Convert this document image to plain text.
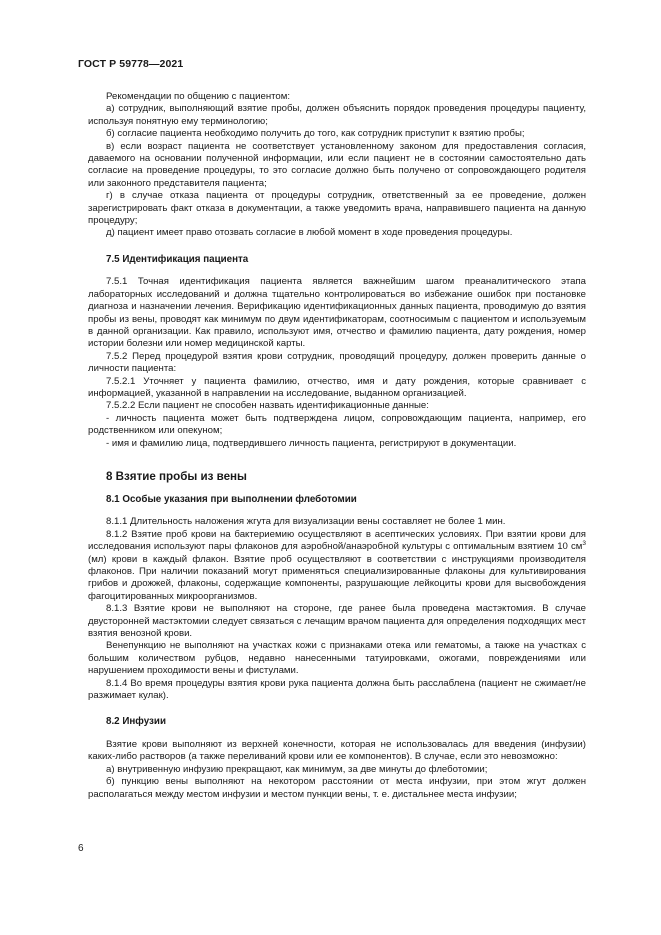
ГОСТ Р 59778—2021

Рекомендации по общению с пациентом:

а) сотрудник, выполняющий взятие пробы, должен объяснить порядок проведения процедуры пациенту, используя понятную ему терминологию;

б) согласие пациента необходимо получить до того, как сотрудник приступит к взятию пробы;

в) если возраст пациента не соответствует установленному законом для предоставления согласия, даваемого на основании полученной информации, или если пациент не в состоянии самостоятельно дать согласие на проведение процедуры, то это согласие должно быть получено от сопровождающего родителя или законного представителя пациента;

г) в случае отказа пациента от процедуры сотрудник, ответственный за ее проведение, должен зарегистрировать факт отказа в документации, а также уведомить врача, направившего пациента на данную процедуру;

д) пациент имеет право отозвать согласие в любой момент в ходе проведения процедуры.

7.5 Идентификация пациента

7.5.1 Точная идентификация пациента является важнейшим шагом преаналитического этапа лабораторных исследований и должна тщательно контролироваться во избежание ошибок при постановке диагноза и назначении лечения. Верификацию идентификационных данных пациента, проводимую до взятия пробы из вены, проводят как минимум по двум идентификаторам, соотносимым с пациентом и используемым в данной организации. Как правило, используют имя, отчество и фамилию пациента, дату рождения, номер истории болезни или номер медицинской карты.

7.5.2 Перед процедурой взятия крови сотрудник, проводящий процедуру, должен проверить данные о личности пациента:

7.5.2.1 Уточняет у пациента фамилию, отчество, имя и дату рождения, которые сравнивает с информацией, указанной в направлении на исследование, выданном организацией.

7.5.2.2 Если пациент не способен назвать идентификационные данные:

- личность пациента может быть подтверждена лицом, сопровождающим пациента, например, его родственником или опекуном;

- имя и фамилию лица, подтвердившего личность пациента, регистрируют в документации.

8 Взятие пробы из вены

8.1 Особые указания при выполнении флеботомии

8.1.1 Длительность наложения жгута для визуализации вены составляет не более 1 мин.

8.1.2 Взятие проб крови на бактериемию осуществляют в асептических условиях. При взятии крови для исследования используют пары флаконов для аэробной/анаэробной культуры с оптимальным взятием 10 $см^3$ (мл) крови в каждый флакон. Взятие проб осуществляют в соответствии с инструкциями производителя флаконов. При наличии показаний могут применяться специализированные флаконы для культивирования грибов и дрожжей, флаконы, содержащие компоненты, разрушающие лейкоциты крови для высвобождения фагоцитированных микроорганизмов.

8.1.3 Взятие крови не выполняют на стороне, где ранее была проведена мастэктомия. В случае двусторонней мастэктомии следует связаться с лечащим врачом пациента для определения подходящих мест взятия венозной крови.

Венепункцию не выполняют на участках кожи с признаками отека или гематомы, а также на участках с большим количеством рубцов, недавно нанесенными татуировками, ожогами, повреждениями или нарушением проходимости вены и фистулами.

8.1.4 Во время процедуры взятия крови рука пациента должна быть расслаблена (пациент не сжимает/не разжимает кулак).

8.2 Инфузии

Взятие крови выполняют из верхней конечности, которая не использовалась для введения (инфузии) каких-либо растворов (а также переливаний крови или ее компонентов). В случае, если это невозможно:

а) внутривенную инфузию прекращают, как минимум, за две минуты до флеботомии;

б) пункцию вены выполняют на некотором расстоянии от места инфузии, при этом жгут должен располагаться между местом инфузии и местом пункции вены, т. е. дистальнее места инфузии;

6
